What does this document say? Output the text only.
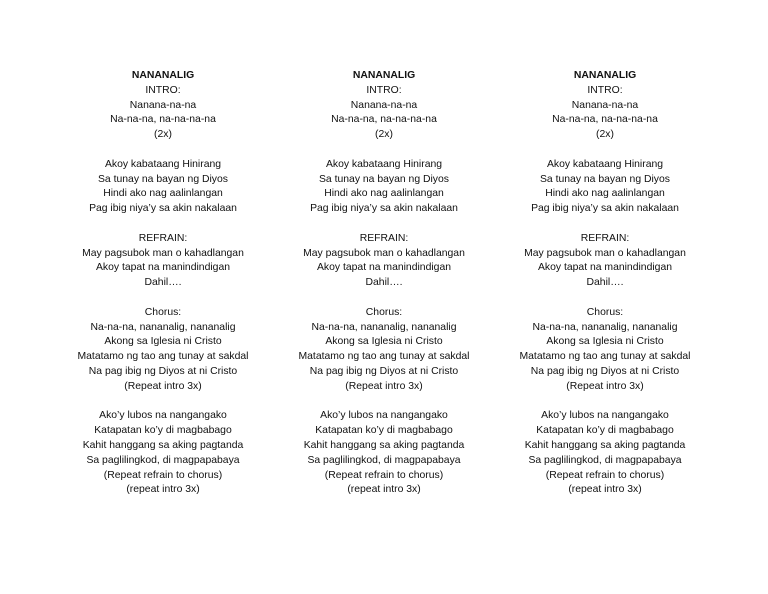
NANANALIG
INTRO:
Nanana-na-na
Na-na-na, na-na-na-na
(2x)
Akoy kabataang Hinirang
Sa tunay na bayan ng Diyos
Hindi ako nag aalinlangan
Pag ibig niya’y sa akin nakalaan
REFRAIN:
May pagsubok man o kahadlangan
Akoy tapat na manindindigan
Dahil….
Chorus:
Na-na-na, nananalig, nananalig
Akong sa Iglesia ni Cristo
Matatamo ng tao ang tunay at sakdal
Na pag ibig ng Diyos at ni Cristo
(Repeat intro 3x)
Ako’y lubos na nangangako
Katapatan ko’y di magbabago
Kahit hanggang sa aking pagtanda
Sa paglilingkod, di magpapabaya
(Repeat refrain to chorus)
(repeat intro 3x)
NANANALIG
INTRO:
Nanana-na-na
Na-na-na, na-na-na-na
(2x)
Akoy kabataang Hinirang
Sa tunay na bayan ng Diyos
Hindi ako nag aalinlangan
Pag ibig niya’y sa akin nakalaan
REFRAIN:
May pagsubok man o kahadlangan
Akoy tapat na manindindigan
Dahil….
Chorus:
Na-na-na, nananalig, nananalig
Akong sa Iglesia ni Cristo
Matatamo ng tao ang tunay at sakdal
Na pag ibig ng Diyos at ni Cristo
(Repeat intro 3x)
Ako’y lubos na nangangako
Katapatan ko’y di magbabago
Kahit hanggang sa aking pagtanda
Sa paglilingkod, di magpapabaya
(Repeat refrain to chorus)
(repeat intro 3x)
NANANALIG
INTRO:
Nanana-na-na
Na-na-na, na-na-na-na
(2x)
Akoy kabataang Hinirang
Sa tunay na bayan ng Diyos
Hindi ako nag aalinlangan
Pag ibig niya’y sa akin nakalaan
REFRAIN:
May pagsubok man o kahadlangan
Akoy tapat na manindindigan
Dahil….
Chorus:
Na-na-na, nananalig, nananalig
Akong sa Iglesia ni Cristo
Matatamo ng tao ang tunay at sakdal
Na pag ibig ng Diyos at ni Cristo
(Repeat intro 3x)
Ako’y lubos na nangangako
Katapatan ko’y di magbabago
Kahit hanggang sa aking pagtanda
Sa paglilingkod, di magpapabaya
(Repeat refrain to chorus)
(repeat intro 3x)
